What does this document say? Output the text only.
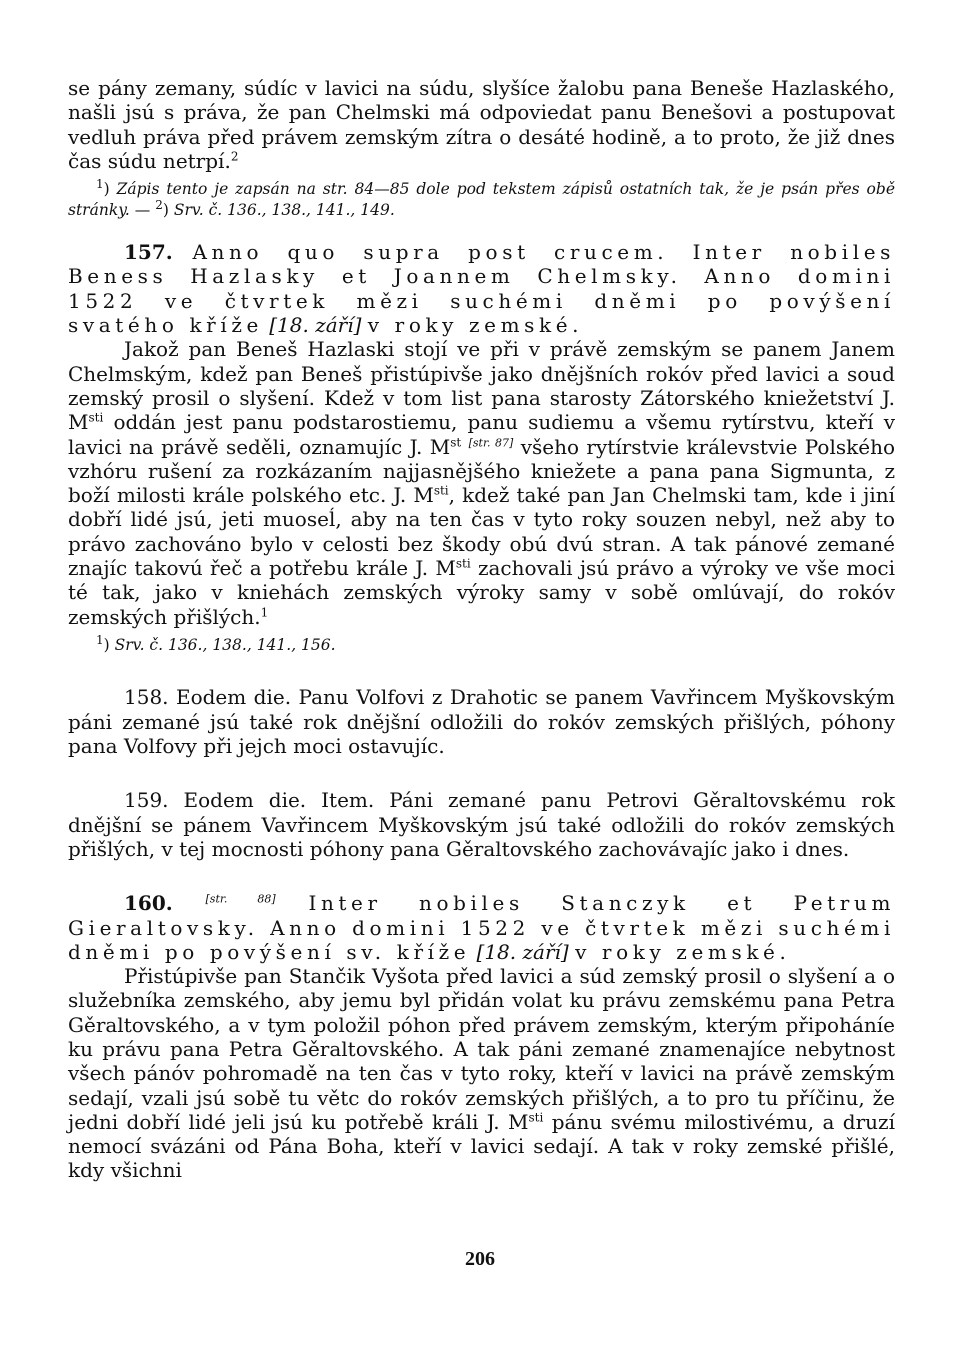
se pány zemany, súdíc v lavici na súdu, slyšíce žalobu pana Beneše Hazlaského, našli jsú s práva, že pan Chelmski má odpoviedat panu Benešovi a postupovat vedluh práva před právem zemským zítra o desáté hodině, a to proto, že již dnes čas súdu netrpí.$^2$

$^1$) Zápis tento je zapsán na str. 84—85 dole pod tekstem zápisů ostatních tak, že je psán přes obě stránky. — $^2$) Srv. č. 136., 138., 141., 149.

157. Anno quo supra post crucem. Inter nobiles Beness Hazlasky et Joannem Chelmsky. Anno domini 1522 ve čtvrtek mězi suchémi dněmi po povýšení svatého kříže [18. září] v roky zemské.

Jakož pan Beneš Hazlaski stojí ve při v právě zemským se panem Janem Chelmským, kdež pan Beneš přistúpivše jako dnějšních rokóv před lavici a soud zemský prosil o slyšení. Kdež v tom list pana starosty Zátorského kniežetství J. $M^{sti}$ oddán jest panu podstarostiemu, panu sudiemu a všemu rytírstvu, kteří v lavici na právě seděli, oznamujíc J. Mst [str. 87] všeho rytírstvie králevstvie Polského vzhóru rušení za rozkázaním najjasnějšého kniežete a pana pana Sigmunta, z boží milosti krále polského etc. J. $M^{sti}$, kdež také pan Jan Chelmski tam, kde i jiní dobří lidé jsú, jeti muoseĺ, aby na ten čas v tyto roky souzen nebyl, než aby to právo zachováno bylo v celosti bez škody obú dvú stran. A tak pánové zemané znajíc takovú řeč a potřebu krále J. $M^{sti}$ zachovali jsú právo a výroky ve vše moci té tak, jako v kniehách zemských výroky samy v sobě omlúvají, do rokóv zemských přišlých.$^1$

$^1$) Srv. č. 136., 138., 141., 156.

158. Eodem die. Panu Volfovi z Drahotic se panem Vavřincem Myškovským páni zemané jsú také rok dnějšní odložili do rokóv zemských přišlých, póhony pana Volfovy při jejch moci ostavujíc.

159. Eodem die. Item. Páni zemané panu Petrovi Gěraltovskému rok dnějšní se pánem Vavřincem Myškovským jsú také odložili do rokóv zemských přišlých, v tej mocnosti póhony pana Gěraltovského zachovávajíc jako i dnes.

160.	[str. 88] Inter nobiles Stanczyk et Petrum Gieraltovsky. Anno domini 1522 ve čtvrtek mězi suchémi dněmi po povýšení sv. kříže [18. září] v roky zemské.

Přistúpivše pan Stančik Vyšota před lavici a súd zemský prosil o slyšení a o služebníka zemského, aby jemu byl přidán volat ku právu zemskému pana Petra Gěraltovského, a v tym položil póhon před právem zemským, kterým připoháníe ku právu pana Petra Gěraltovského. A tak páni zemané znamenajíce nebytnost všech pánóv pohromadě na ten čas v tyto roky, kteří v lavici na právě zemským sedají, vzali jsú sobě tu větc do rokóv zemských přišlých, a to pro tu příčinu, že jedni dobří lidé jeli jsú ku potřebě králi J. $M^{sti}$ pánu svému milostivému, a druzí nemocí svázáni od Pána Boha, kteří v lavici sedají. A tak v roky zemské přišlé, kdy všichni

206
